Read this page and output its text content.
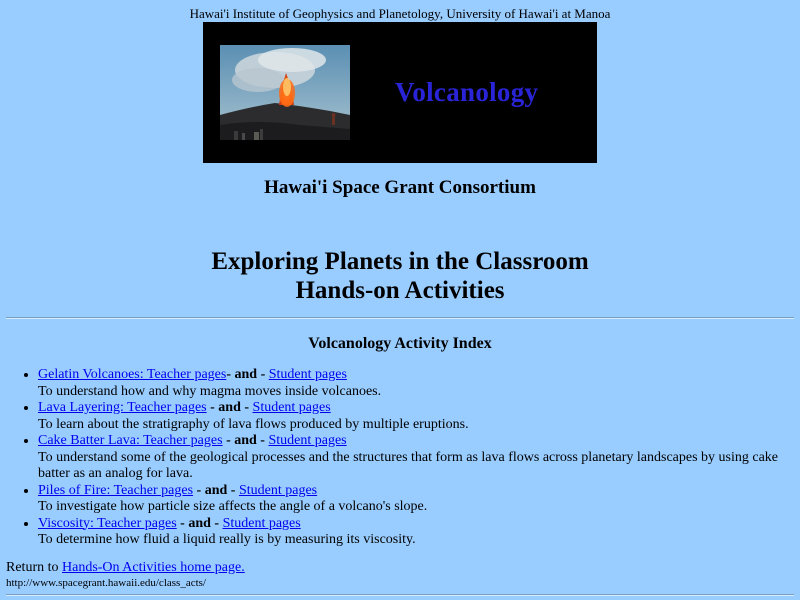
Hawai'i Institute of Geophysics and Planetology, University of Hawai'i at Manoa
Volcanology
Hawai'i Space Grant Consortium
Exploring Planets in the Classroom
Hands-on Activities
Volcanology Activity Index
• Gelatin Volcanoes: Teacher pages- and - Student pages
To understand how and why magma moves inside volcanoes.
• Lava Layering: Teacher pages - and - Student pages
To learn about the stratigraphy of lava flows produced by multiple eruptions.
• Cake Batter Lava: Teacher pages - and - Student pages
To understand some of the geological processes and the structures that form as lava flows across planetary landscapes by using cake batter as an analog for lava.
• Piles of Fire: Teacher pages - and - Student pages
To investigate how particle size affects the angle of a volcano's slope.
• Viscosity: Teacher pages - and - Student pages
To determine how fluid a liquid really is by measuring its viscosity.
Return to Hands-On Activities home page.
http://www.spacegrant.hawaii.edu/class_acts/
